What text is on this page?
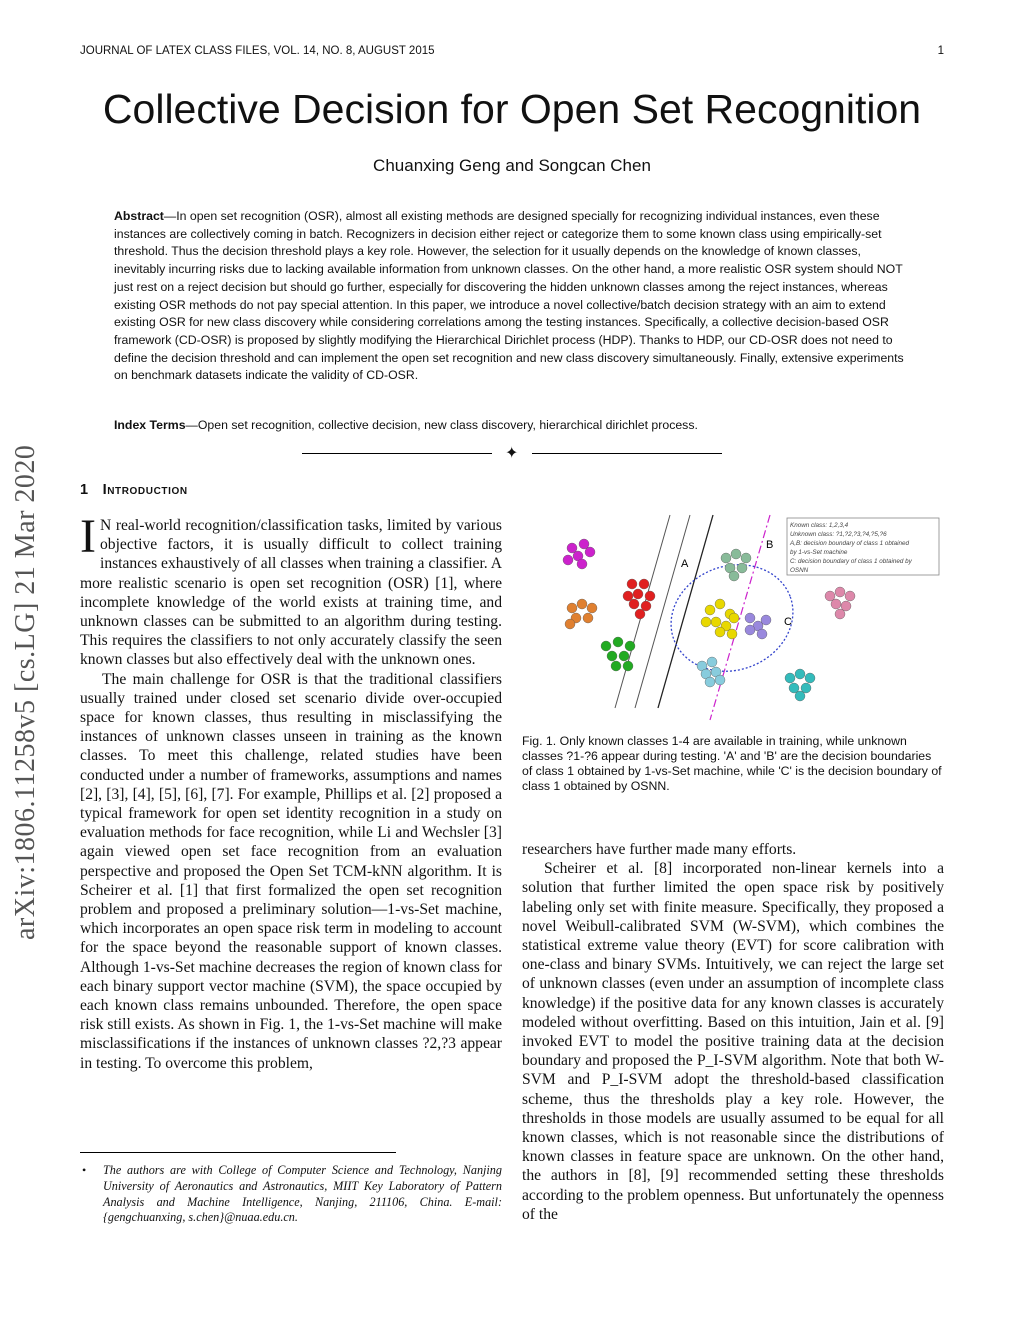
JOURNAL OF LATEX CLASS FILES, VOL. 14, NO. 8, AUGUST 2015	1
Collective Decision for Open Set Recognition
Chuanxing Geng and Songcan Chen
Abstract—In open set recognition (OSR), almost all existing methods are designed specially for recognizing individual instances, even these instances are collectively coming in batch. Recognizers in decision either reject or categorize them to some known class using empirically-set threshold. Thus the decision threshold plays a key role. However, the selection for it usually depends on the knowledge of known classes, inevitably incurring risks due to lacking available information from unknown classes. On the other hand, a more realistic OSR system should NOT just rest on a reject decision but should go further, especially for discovering the hidden unknown classes among the reject instances, whereas existing OSR methods do not pay special attention. In this paper, we introduce a novel collective/batch decision strategy with an aim to extend existing OSR for new class discovery while considering correlations among the testing instances. Specifically, a collective decision-based OSR framework (CD-OSR) is proposed by slightly modifying the Hierarchical Dirichlet process (HDP). Thanks to HDP, our CD-OSR does not need to define the decision threshold and can implement the open set recognition and new class discovery simultaneously. Finally, extensive experiments on benchmark datasets indicate the validity of CD-OSR.
Index Terms—Open set recognition, collective decision, new class discovery, hierarchical dirichlet process.
✦
arXiv:1806.11258v5 [cs.LG] 21 Mar 2020	1 Introduction

I N real-world recognition/classification tasks, limited by various objective factors, it is usually difficult to collect training instances exhaustively of all classes when training a classifier. A more realistic scenario is open set recognition (OSR) [1], where incomplete knowledge of the world exists at training time, and unknown classes can be submitted to an algorithm during testing. This requires the classifiers to not only accurately classify the seen known classes but also effectively deal with the unknown ones.

The main challenge for OSR is that the traditional classifiers usually trained under closed set scenario divide over-occupied space for known classes, thus resulting in misclassifying the instances of unknown classes unseen in training as the known classes. To meet this challenge, related studies have been conducted under a number of frameworks, assumptions and names [2], [3], [4], [5], [6], [7]. For example, Phillips et al. [2] proposed a typical framework for open set identity recognition in a study on evaluation methods for face recognition, while Li and Wechsler [3] again viewed open set face recognition from an evaluation perspective and proposed the Open Set TCM-kNN algorithm. It is Scheirer et al. [1] that first formalized the open set recognition problem and proposed a preliminary solution—1-vs-Set machine, which incorporates an open space risk term in modeling to account for the space beyond the reasonable support of known classes. Although 1-vs-Set machine decreases the region of known class for each binary support vector machine (SVM), the space occupied by each known class remains unbounded. Therefore, the open space risk still exists. As shown in Fig. 1, the 1-vs-Set machine will make misclassifications if the instances of unknown classes ?2,?3 appear in testing. To overcome this problem,

• The authors are with College of Computer Science and Technology, Nanjing University of Aeronautics and Astronautics, MIIT Key Laboratory of Pattern Analysis and Machine Intelligence, Nanjing, 211106, China. E-mail: {gengchuanxing, s.chen}@nuaa.edu.cn.
A
B
C
Known class: 1,2,3,4
Unknown class: ?1,?2,?3,?4,?5,?6
A,B: decision boundary of class 1 obtained
by 1-vs-Set machine
C: decision boundary of class 1 obtained by
OSNN
Fig. 1. Only known classes 1-4 are available in training, while unknown classes ?1-?6 appear during testing. 'A' and 'B' are the decision boundaries of class 1 obtained by 1-vs-Set machine, while 'C' is the decision boundary of class 1 obtained by OSNN.

researchers have further made many efforts.

Scheirer et al. [8] incorporated non-linear kernels into a solution that further limited the open space risk by positively labeling only set with finite measure. Specifically, they proposed a novel Weibull-calibrated SVM (W-SVM), which combines the statistical extreme value theory (EVT) for score calibration with one-class and binary SVMs. Intuitively, we can reject the large set of unknown classes (even under an assumption of incomplete class knowledge) if the positive data for any known classes is accurately modeled without overfitting. Based on this intuition, Jain et al. [9] invoked EVT to model the positive training data at the decision boundary and proposed the P_I-SVM algorithm. Note that both W-SVM and P_I-SVM adopt the threshold-based classification scheme, thus the thresholds play a key role. However, the thresholds in those models are usually assumed to be equal for all known classes, which is not reasonable since the distributions of known classes in feature space are unknown. On the other hand, the authors in [8], [9] recommended setting these thresholds according to the problem openness. But unfortunately the openness of the
